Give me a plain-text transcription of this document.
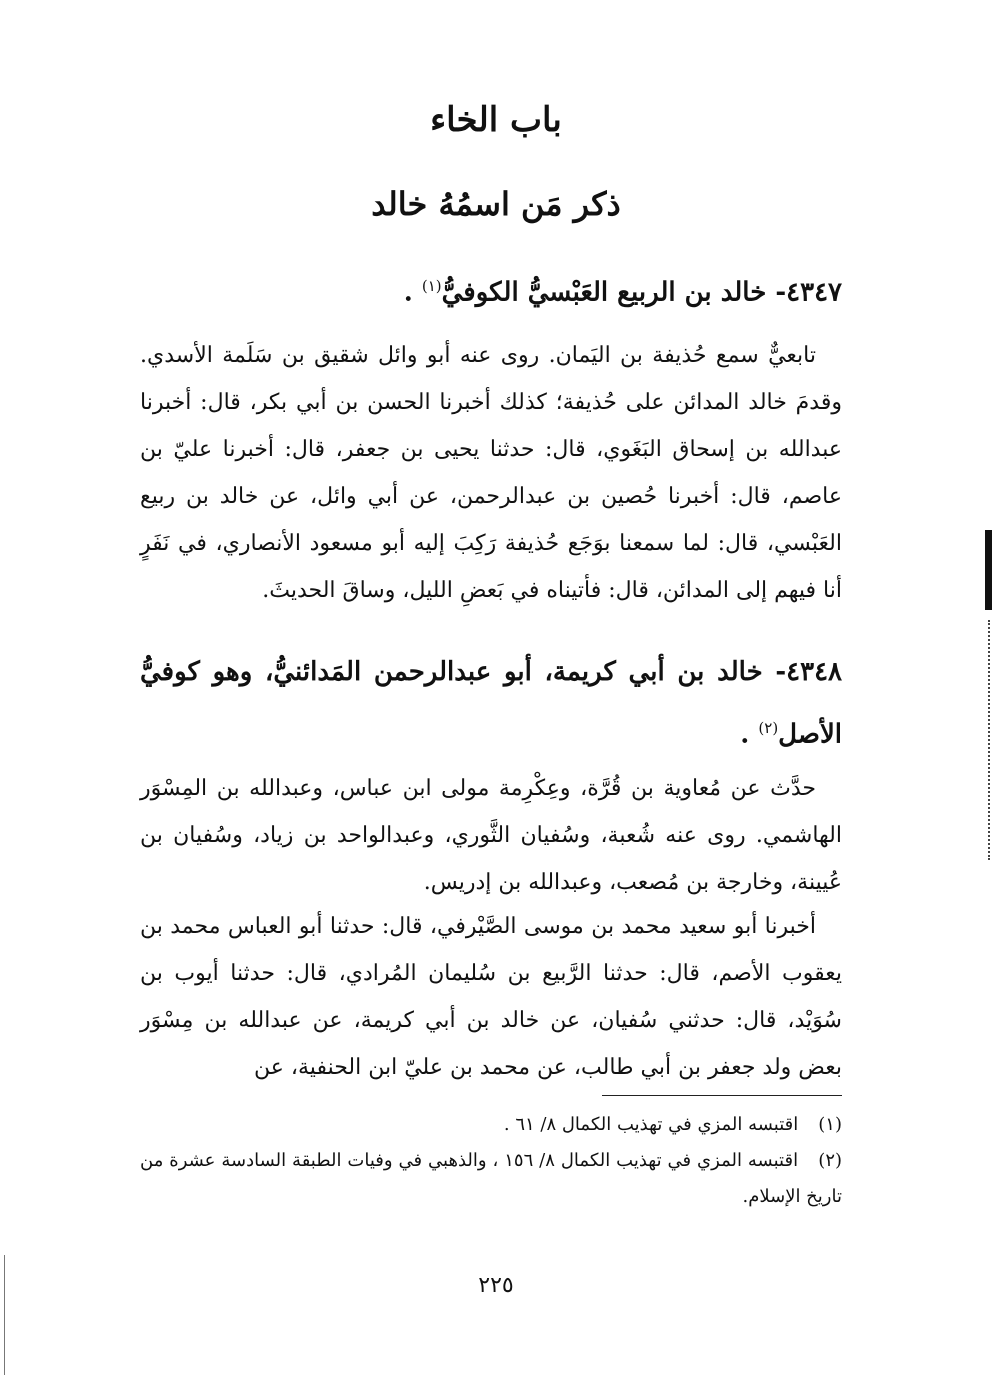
باب الخاء
ذكر مَن اسمُهُ خالد

٤٣٤٧- خالد بن الربيع العَبْسيُّ الكوفيُّ$^{(١)}$ .

تابعيٌّ سمع حُذيفة بن اليَمان. روى عنه أبو وائل شقيق بن سَلَمة الأسدي. وقدمَ خالد المدائن على حُذيفة؛ كذلك أخبرنا الحسن بن أبي بكر، قال: أخبرنا عبدالله بن إسحاق البَغَوي، قال: حدثنا يحيى بن جعفر، قال: أخبرنا عليّ بن عاصم، قال: أخبرنا حُصين بن عبدالرحمن، عن أبي وائل، عن خالد بن ربيع العَبْسي، قال: لما سمعنا بوَجَع حُذيفة رَكِبَ إليه أبو مسعود الأنصاري، في نَفَرٍ أنا فيهم إلى المدائن، قال: فأتيناه في بَعضِ الليل، وساقَ الحديثَ.

٤٣٤٨- خالد بن أبي كريمة، أبو عبدالرحمن المَدائنيُّ، وهو كوفيُّ الأصل$^{(٢)}$ .

حدَّث عن مُعاوية بن قُرَّة، وعِكْرِمة مولى ابن عباس، وعبدالله بن المِسْوَر الهاشمي. روى عنه شُعبة، وسُفيان الثَّوري، وعبدالواحد بن زياد، وسُفيان بن عُيينة، وخارجة بن مُصعب، وعبدالله بن إدريس.

أخبرنا أبو سعيد محمد بن موسى الصَّيْرفي، قال: حدثنا أبو العباس محمد بن يعقوب الأصم، قال: حدثنا الرَّبيع بن سُليمان المُرادي، قال: حدثنا أيوب بن سُوَيْد، قال: حدثني سُفيان، عن خالد بن أبي كريمة، عن عبدالله بن مِسْوَر بعض ولد جعفر بن أبي طالب، عن محمد بن عليّ ابن الحنفية، عن

(١) اقتبسه المزي في تهذيب الكمال ٨/ ٦١ .

(٢) اقتبسه المزي في تهذيب الكمال ٨/ ١٥٦ ، والذهبي في وفيات الطبقة السادسة عشرة من تاريخ الإسلام.

٢٢٥
